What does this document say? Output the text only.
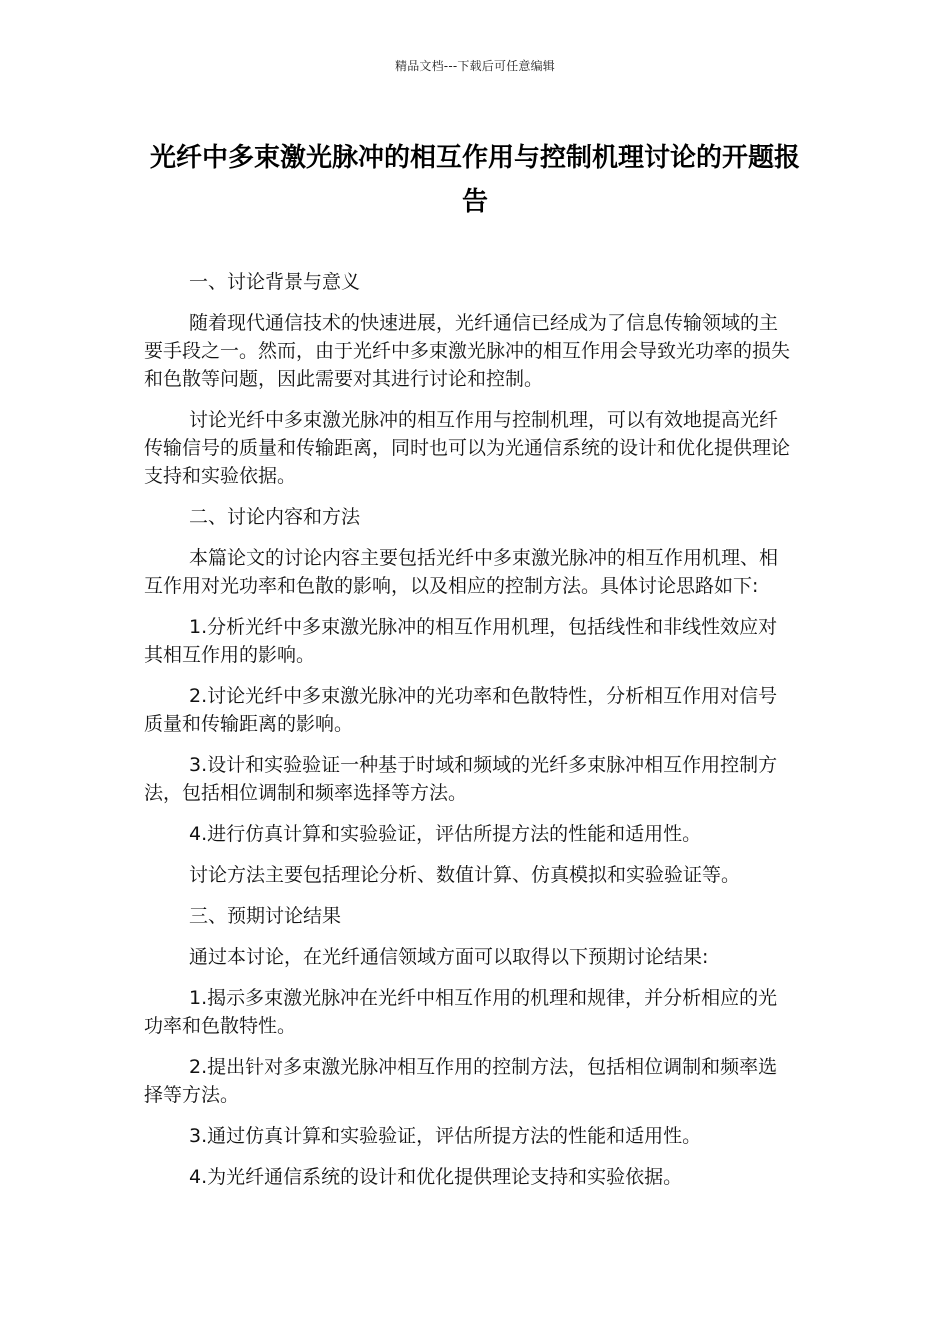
精品文档---下载后可任意编辑
光纤中多束激光脉冲的相互作用与控制机理讨论的开题报告

一、讨论背景与意义

随着现代通信技术的快速进展，光纤通信已经成为了信息传输领域的主要手段之一。然而，由于光纤中多束激光脉冲的相互作用会导致光功率的损失和色散等问题，因此需要对其进行讨论和控制。

讨论光纤中多束激光脉冲的相互作用与控制机理，可以有效地提高光纤传输信号的质量和传输距离，同时也可以为光通信系统的设计和优化提供理论支持和实验依据。

二、讨论内容和方法

本篇论文的讨论内容主要包括光纤中多束激光脉冲的相互作用机理、相互作用对光功率和色散的影响，以及相应的控制方法。具体讨论思路如下:

1.分析光纤中多束激光脉冲的相互作用机理，包括线性和非线性效应对其相互作用的影响。

2.讨论光纤中多束激光脉冲的光功率和色散特性，分析相互作用对信号质量和传输距离的影响。

3.设计和实验验证一种基于时域和频域的光纤多束脉冲相互作用控制方法，包括相位调制和频率选择等方法。

4.进行仿真计算和实验验证，评估所提方法的性能和适用性。

讨论方法主要包括理论分析、数值计算、仿真模拟和实验验证等。

三、预期讨论结果

通过本讨论，在光纤通信领域方面可以取得以下预期讨论结果:

1.揭示多束激光脉冲在光纤中相互作用的机理和规律，并分析相应的光功率和色散特性。

2.提出针对多束激光脉冲相互作用的控制方法，包括相位调制和频率选择等方法。

3.通过仿真计算和实验验证，评估所提方法的性能和适用性。

4.为光纤通信系统的设计和优化提供理论支持和实验依据。
